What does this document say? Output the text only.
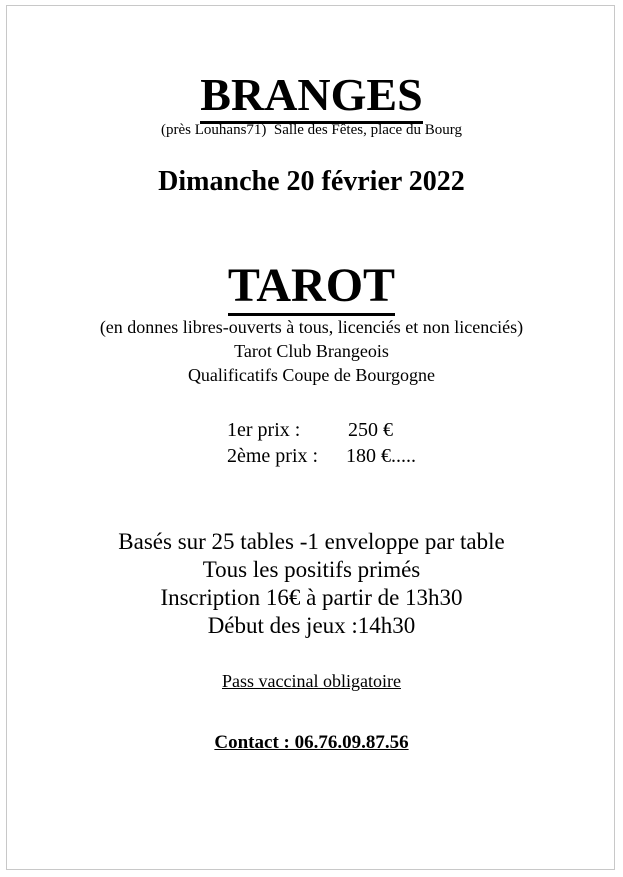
BRANGES
(près Louhans71)  Salle des Fêtes, place du Bourg
Dimanche 20 février 2022
TAROT
(en donnes libres-ouverts à tous, licenciés et non licenciés)
Tarot Club Brangeois
Qualificatifs Coupe de Bourgogne
1er prix : 250 €
2ème prix : 180 €.....
Basés sur 25 tables -1 enveloppe par table
Tous les positifs primés
Inscription 16€ à partir de 13h30
Début des jeux :14h30
Pass vaccinal obligatoire
Contact : 06.76.09.87.56
